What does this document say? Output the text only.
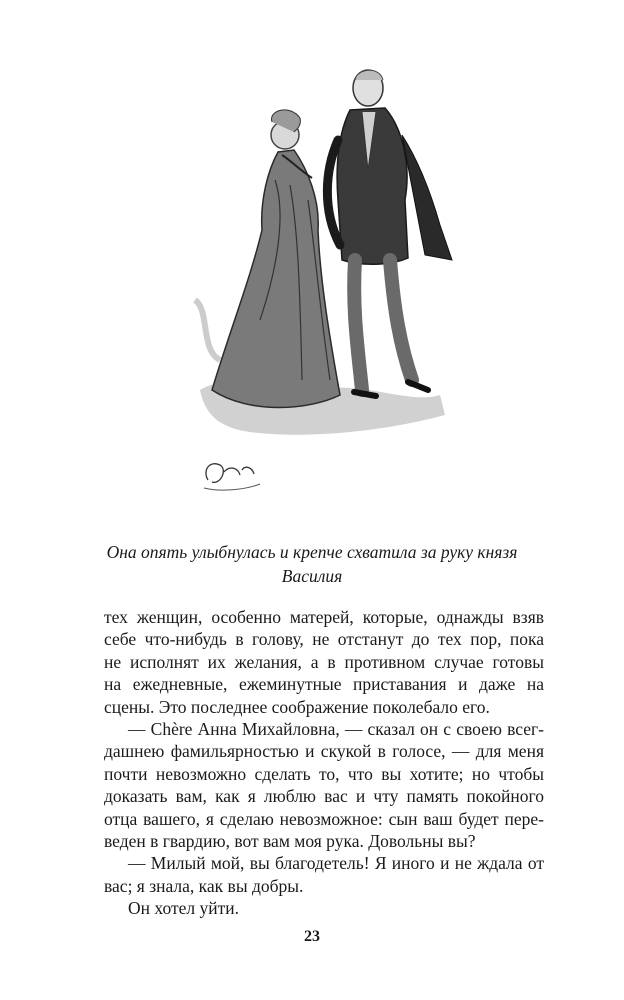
Она опять улыбнулась и крепче схватила за руку князя
Василия
тех женщин, особенно матерей, которые, однажды взяв
себе что-нибудь в голову, не отстанут до тех пор, пока
не исполнят их желания, а в противном случае готовы
на ежедневные, ежеминутные приставания и даже на
сцены. Это последнее соображение поколебало его.
— Chère Анна Михайловна, — сказал он с своею всег-
дашнею фамильярностью и скукой в голосе, — для меня
почти невозможно сделать то, что вы хотите; но чтобы
доказать вам, как я люблю вас и чту память покойного
отца вашего, я сделаю невозможное: сын ваш будет пере-
веден в гвардию, вот вам моя рука. Довольны вы?
— Милый мой, вы благодетель! Я иного и не ждала от
вас; я знала, как вы добры.
Он хотел уйти.
23
